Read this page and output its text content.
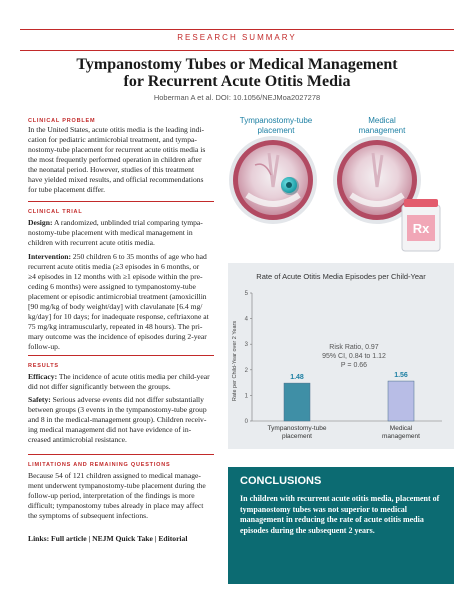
RESEARCH SUMMARY
Tympanostomy Tubes or Medical Management
for Recurrent Acute Otitis Media
Hoberman A et al. DOI: 10.1056/NEJMoa2027278
CLINICAL PROBLEM
In the United States, acute otitis media is the leading indi-
cation for pediatric antimicrobial treatment, and tympa-
nostomy-tube placement for recurrent acute otitis media is
the most frequently performed operation in children after
the neonatal period. However, studies of this treatment
have yielded mixed results, and official recommendations
for tube placement differ.
CLINICAL TRIAL
Design: A randomized, unblinded trial comparing tympa-
nostomy-tube placement with medical management in
children with recurrent acute otitis media.
Intervention: 250 children 6 to 35 months of age who had
recurrent acute otitis media (≥3 episodes in 6 months, or
≥4 episodes in 12 months with ≥1 episode within the pre-
ceding 6 months) were assigned to tympanostomy-tube
placement or episodic antimicrobial treatment (amoxicillin
[90 mg/kg of body weight/day] with clavulanate [6.4 mg/
kg/day] for 10 days; for inadequate response, ceftriaxone at
75 mg/kg intramuscularly, repeated in 48 hours). The pri-
mary outcome was the incidence of episodes during 2-year
follow-up.
RESULTS
Efficacy: The incidence of acute otitis media per child-year
did not differ significantly between the groups.
Safety: Serious adverse events did not differ substantially
between groups (3 events in the tympanostomy-tube group
and 8 in the medical-management group). Children receiv-
ing medical management did not have evidence of in-
creased antimicrobial resistance.
LIMITATIONS AND REMAINING QUESTIONS
Because 54 of 121 children assigned to medical manage-
ment underwent tympanostomy-tube placement during the
follow-up period, interpretation of the findings is more
difficult; tympanostomy tubes already in place may affect
the symptoms of subsequent infections.
Links: Full article | NEJM Quick Take | Editorial
Tympanostomy-tube
placement
Medical
management
Rx
Rate of Acute Otitis Media Episodes per Child-Year
Rate per Child-Year over 2 Years
0
1
2
3
4
5
1.48	1.56
Risk Ratio, 0.97
95% CI, 0.84 to 1.12
P = 0.66
Tympanostomy-tube
placement
Medical
management
CONCLUSIONS
In children with recurrent acute otitis media, placement of tympanostomy tubes was not superior to medical management in reducing the rate of acute otitis media episodes during the subsequent 2 years.
